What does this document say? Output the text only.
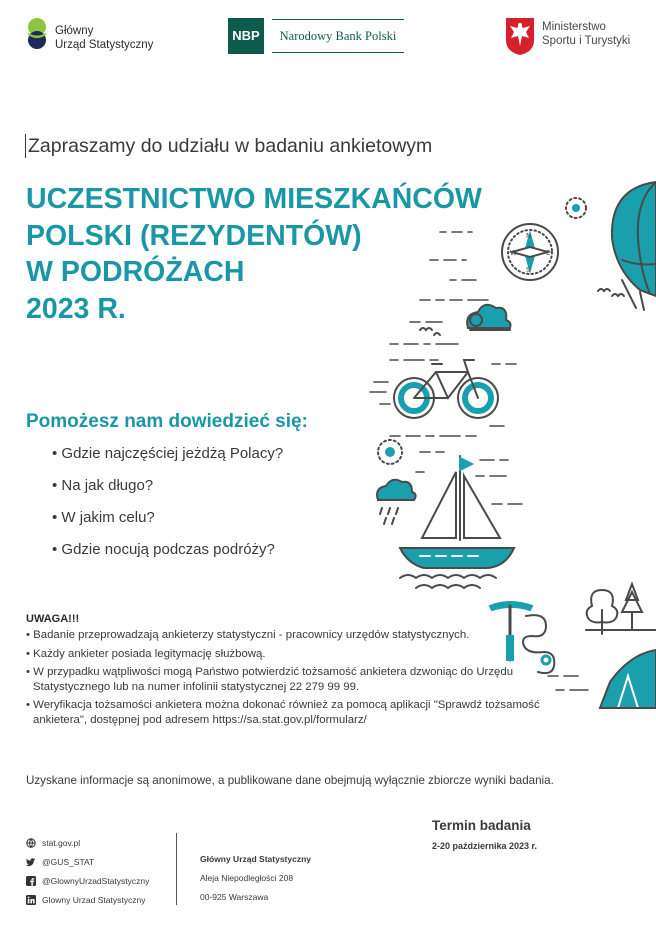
Główny
Urząd Statystyczny
NBP	Narodowy Bank Polski
Ministerstwo
Sportu i Turystyki
Zapraszamy do udziału w badaniu ankietowym
UCZESTNICTWO MIESZKAŃCÓW
POLSKI (REZYDENTÓW)
W PODRÓŻACH
2023 R.
Pomożesz nam dowiedzieć się:
• Gdzie najczęściej jeżdżą Polacy?
• Na jak długo?
• W jakim celu?
• Gdzie nocują podczas podróży?
N
S
W	E
UWAGA!!!
• Badanie przeprowadzają ankieterzy statystyczni - pracownicy urzędów statystycznych.
• Każdy ankieter posiada legitymację służbową.
• W przypadku wątpliwości mogą Państwo potwierdzić tożsamość ankietera dzwoniąc do Urzędu Statystycznego lub na numer infolinii statystycznej 22 279 99 99.
• Weryfikacja tożsamości ankietera można dokonać również za pomocą aplikacji "Sprawdź tożsamość ankietera", dostępnej pod adresem https://sa.stat.gov.pl/formularz/
Uzyskane informacje są anonimowe, a publikowane dane obejmują wyłącznie zbiorcze wyniki badania.
stat.gov.pl
@GUS_STAT
@GlownyUrzadStatystyczny
Glowny Urzad Statystyczny
Główny Urząd Statystyczny
Aleja Niepodległości 208
00-925 Warszawa
Termin badania
2-20 października 2023 r.
